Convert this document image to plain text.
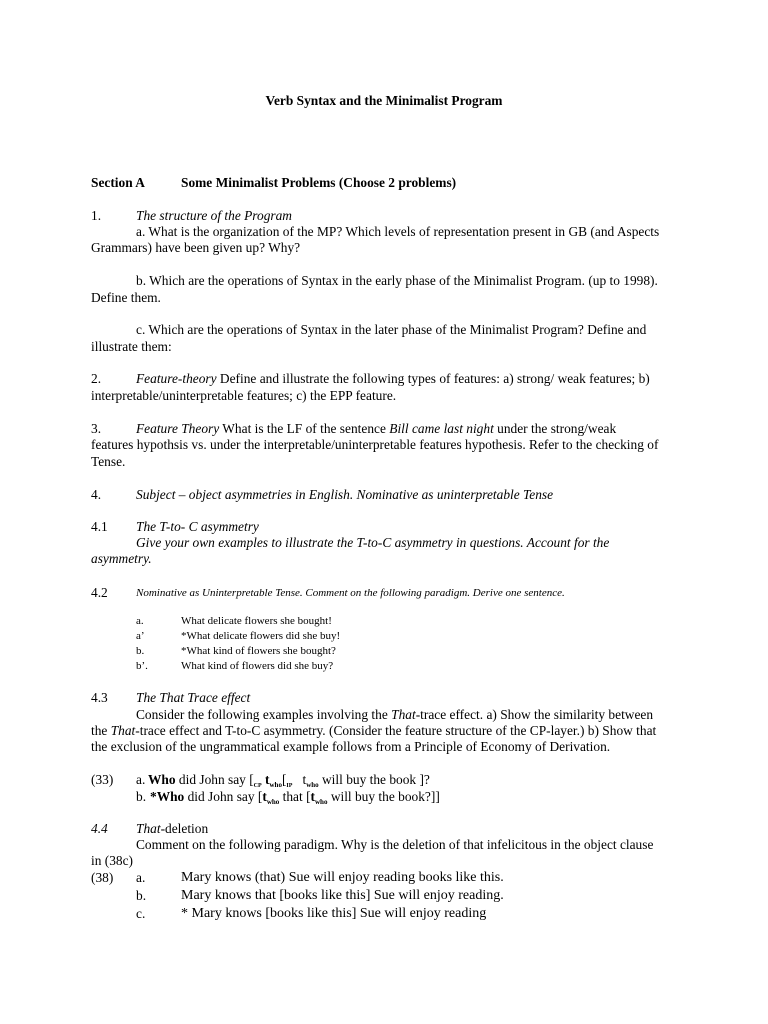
Verb Syntax and the Minimalist Program
Section A	Some Minimalist Problems (Choose 2 problems)
1.	The structure of the Program
a. What is the organization of the MP? Which levels of representation present in GB (and Aspects
Grammars) have been given up? Why?
b. Which are the operations of Syntax in the early phase of the Minimalist Program. (up to 1998).
Define them.
c. Which are the operations of Syntax in the later phase of the Minimalist Program? Define and
illustrate them:
2.	Feature-theory Define and illustrate the following types of features: a) strong/ weak features; b)
interpretable/uninterpretable features; c) the EPP feature.
3.	Feature Theory What is the LF of the sentence Bill came last night under the strong/weak
features hypothsis vs. under the interpretable/uninterpretable features hypothesis. Refer to the checking of
Tense.
4.	Subject – object asymmetries in English. Nominative as uninterpretable Tense
4.1 The T-to- C asymmetry
Give your own examples to illustrate the T-to-C asymmetry in questions. Account for the
asymmetry.
4.2	Nominative as Uninterpretable Tense. Comment on the following paradigm. Derive one sentence.
a.	What delicate flowers she bought!
a’	*What delicate flowers did she buy!
b.	*What kind of flowers she bought?
b’.	What kind of flowers did she buy?
4.3 The That Trace effect
Consider the following examples involving the That-trace effect. a) Show the similarity between
the That-trace effect and T-to-C asymmetry. (Consider the feature structure of the CP-layer.) b) Show that
the exclusion of the ungrammatical example follows from a Principle of Economy of Derivation.
(33) a. Who did John say [$_{CP}$ $t_{who}[_{IP}$ $t_{who}$ will buy the book ]?
b. *Who did John say [$t_{who}$ that [$t_{who}$ will buy the book?]]
4.4 That-deletion
Comment on the following paradigm. Why is the deletion of that infelicitous in the object clause
in (38c)
(38) a.	Mary knows (that) Sue will enjoy reading books like this.
b. Mary knows that [books like this] Sue will enjoy reading.
c.	* Mary knows [books like this] Sue will enjoy reading
